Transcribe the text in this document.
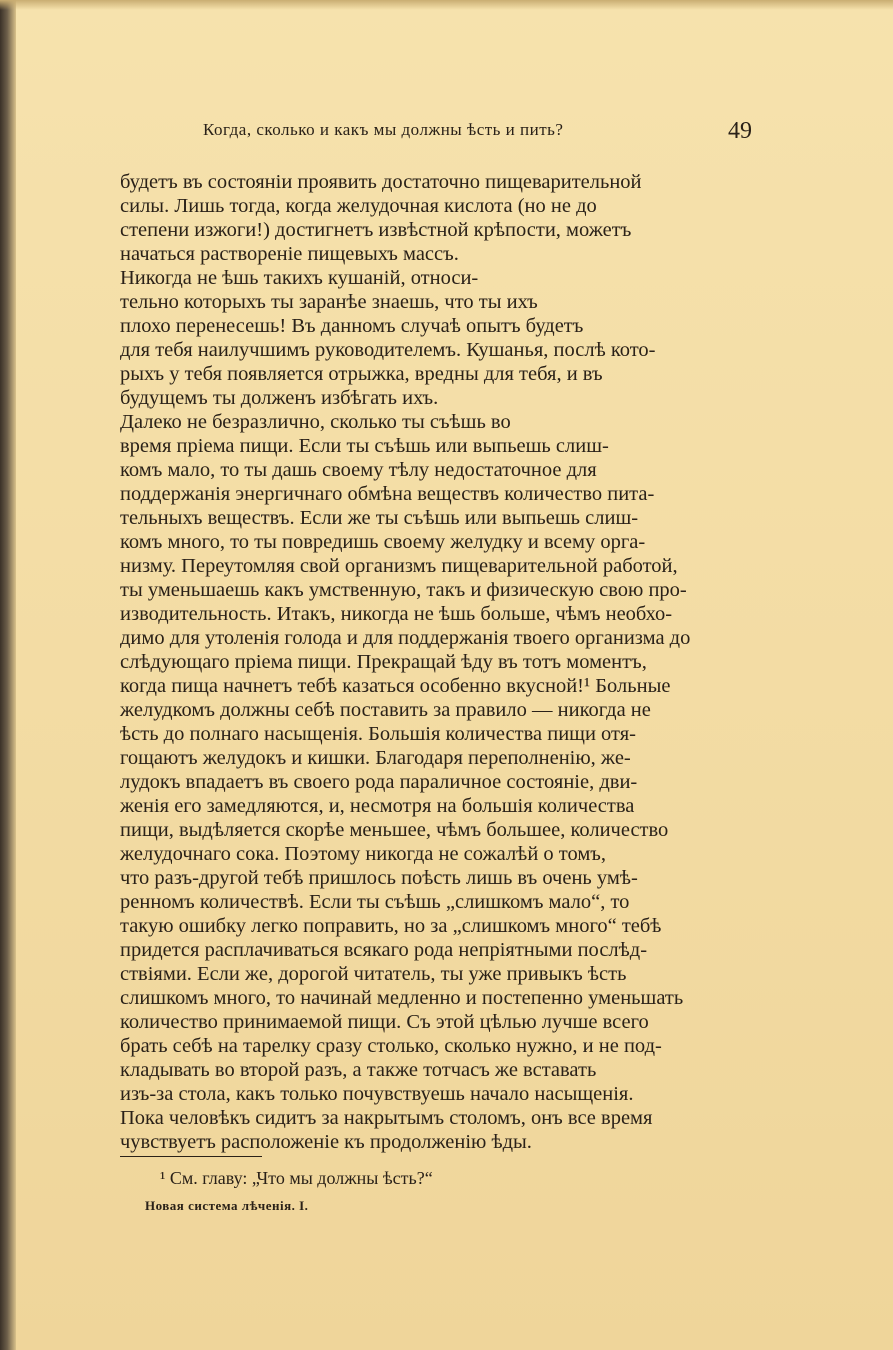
Когда, сколько и какъ мы должны ѣсть и пить?	49
будетъ въ состояніи проявить достаточно пищеварительной
силы. Лишь тогда, когда желудочная кислота (но не до
степени изжоги!) достигнетъ извѣстной крѣпости, можетъ
начаться раствореніе пищевыхъ массъ.
Никогда не ѣшь такихъ кушаній, относи-
тельно которыхъ ты заранѣе знаешь, что ты ихъ
плохо перенесешь! Въ данномъ случаѣ опытъ будетъ
для тебя наилучшимъ руководителемъ. Кушанья, послѣ кото-
рыхъ у тебя появляется отрыжка, вредны для тебя, и въ
будущемъ ты долженъ избѣгать ихъ.
Далеко не безразлично, сколько ты съѣшь во
время пріема пищи. Если ты съѣшь или выпьешь слиш-
комъ мало, то ты дашь своему тѣлу недостаточное для
поддержанія энергичнаго обмѣна веществъ количество пита-
тельныхъ веществъ. Если же ты съѣшь или выпьешь слиш-
комъ много, то ты повредишь своему желудку и всему орга-
низму. Переутомляя свой организмъ пищеварительной работой,
ты уменьшаешь какъ умственную, такъ и физическую свою про-
изводительность. Итакъ, никогда не ѣшь больше, чѣмъ необхо-
димо для утоленія голода и для поддержанія твоего организма до
слѣдующаго пріема пищи. Прекращай ѣду въ тотъ моментъ,
когда пища начнетъ тебѣ казаться особенно вкусной!¹ Больные
желудкомъ должны себѣ поставить за правило — никогда не
ѣсть до полнаго насыщенія. Большія количества пищи отя-
гощаютъ желудокъ и кишки. Благодаря переполненію, же-
лудокъ впадаетъ въ своего рода параличное состояніе, дви-
женія его замедляются, и, несмотря на большія количества
пищи, выдѣляется скорѣе меньшее, чѣмъ большее, количество
желудочнаго сока. Поэтому никогда не сожалѣй о томъ,
что разъ-другой тебѣ пришлось поѣсть лишь въ очень умѣ-
ренномъ количествѣ. Если ты съѣшь „слишкомъ мало“, то
такую ошибку легко поправить, но за „слишкомъ много“ тебѣ
придется расплачиваться всякаго рода непріятными послѣд-
ствіями. Если же, дорогой читатель, ты уже привыкъ ѣсть
слишкомъ много, то начинай медленно и постепенно уменьшать
количество принимаемой пищи. Съ этой цѣлью лучше всего
брать себѣ на тарелку сразу столько, сколько нужно, и не под-
кладывать во второй разъ, а также тотчасъ же вставать
изъ-за стола, какъ только почувствуешь начало насыщенія.
Пока человѣкъ сидитъ за накрытымъ столомъ, онъ все время
чувствуетъ расположеніе къ продолженію ѣды.
¹ См. главу: „Что мы должны ѣсть?“
Новая система лѣченія. I.
